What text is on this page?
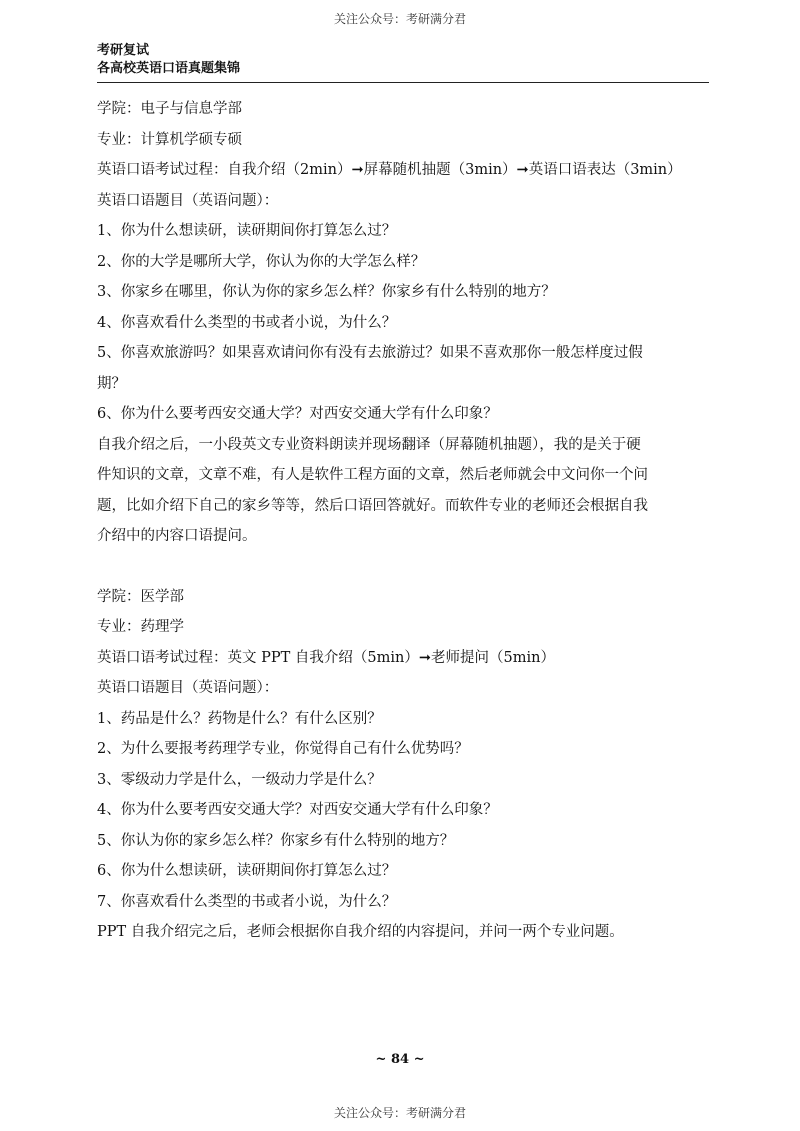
关注公众号：考研满分君
考研复试
各高校英语口语真题集锦
学院：电子与信息学部
专业：计算机学硕专硕
英语口语考试过程：自我介绍（2min）➞屏幕随机抽题（3min）➞英语口语表达（3min）
英语口语题目（英语问题）：
1、你为什么想读研，读研期间你打算怎么过？
2、你的大学是哪所大学，你认为你的大学怎么样？
3、你家乡在哪里，你认为你的家乡怎么样？你家乡有什么特别的地方？
4、你喜欢看什么类型的书或者小说，为什么？
5、你喜欢旅游吗？如果喜欢请问你有没有去旅游过？如果不喜欢那你一般怎样度过假
期？
6、你为什么要考西安交通大学？对西安交通大学有什么印象？
自我介绍之后，一小段英文专业资料朗读并现场翻译（屏幕随机抽题），我的是关于硬
件知识的文章，文章不难，有人是软件工程方面的文章，然后老师就会中文问你一个问
题，比如介绍下自己的家乡等等，然后口语回答就好。而软件专业的老师还会根据自我
介绍中的内容口语提问。
学院：医学部
专业：药理学
英语口语考试过程：英文 PPT 自我介绍（5min）➞老师提问（5min）
英语口语题目（英语问题）：
1、药品是什么？药物是什么？有什么区别？
2、为什么要报考药理学专业，你觉得自己有什么优势吗？
3、零级动力学是什么，一级动力学是什么？
4、你为什么要考西安交通大学？对西安交通大学有什么印象？
5、你认为你的家乡怎么样？你家乡有什么特别的地方？
6、你为什么想读研，读研期间你打算怎么过？
7、你喜欢看什么类型的书或者小说，为什么？
PPT 自我介绍完之后，老师会根据你自我介绍的内容提问，并问一两个专业问题。
~ 84 ~
关注公众号：考研满分君
